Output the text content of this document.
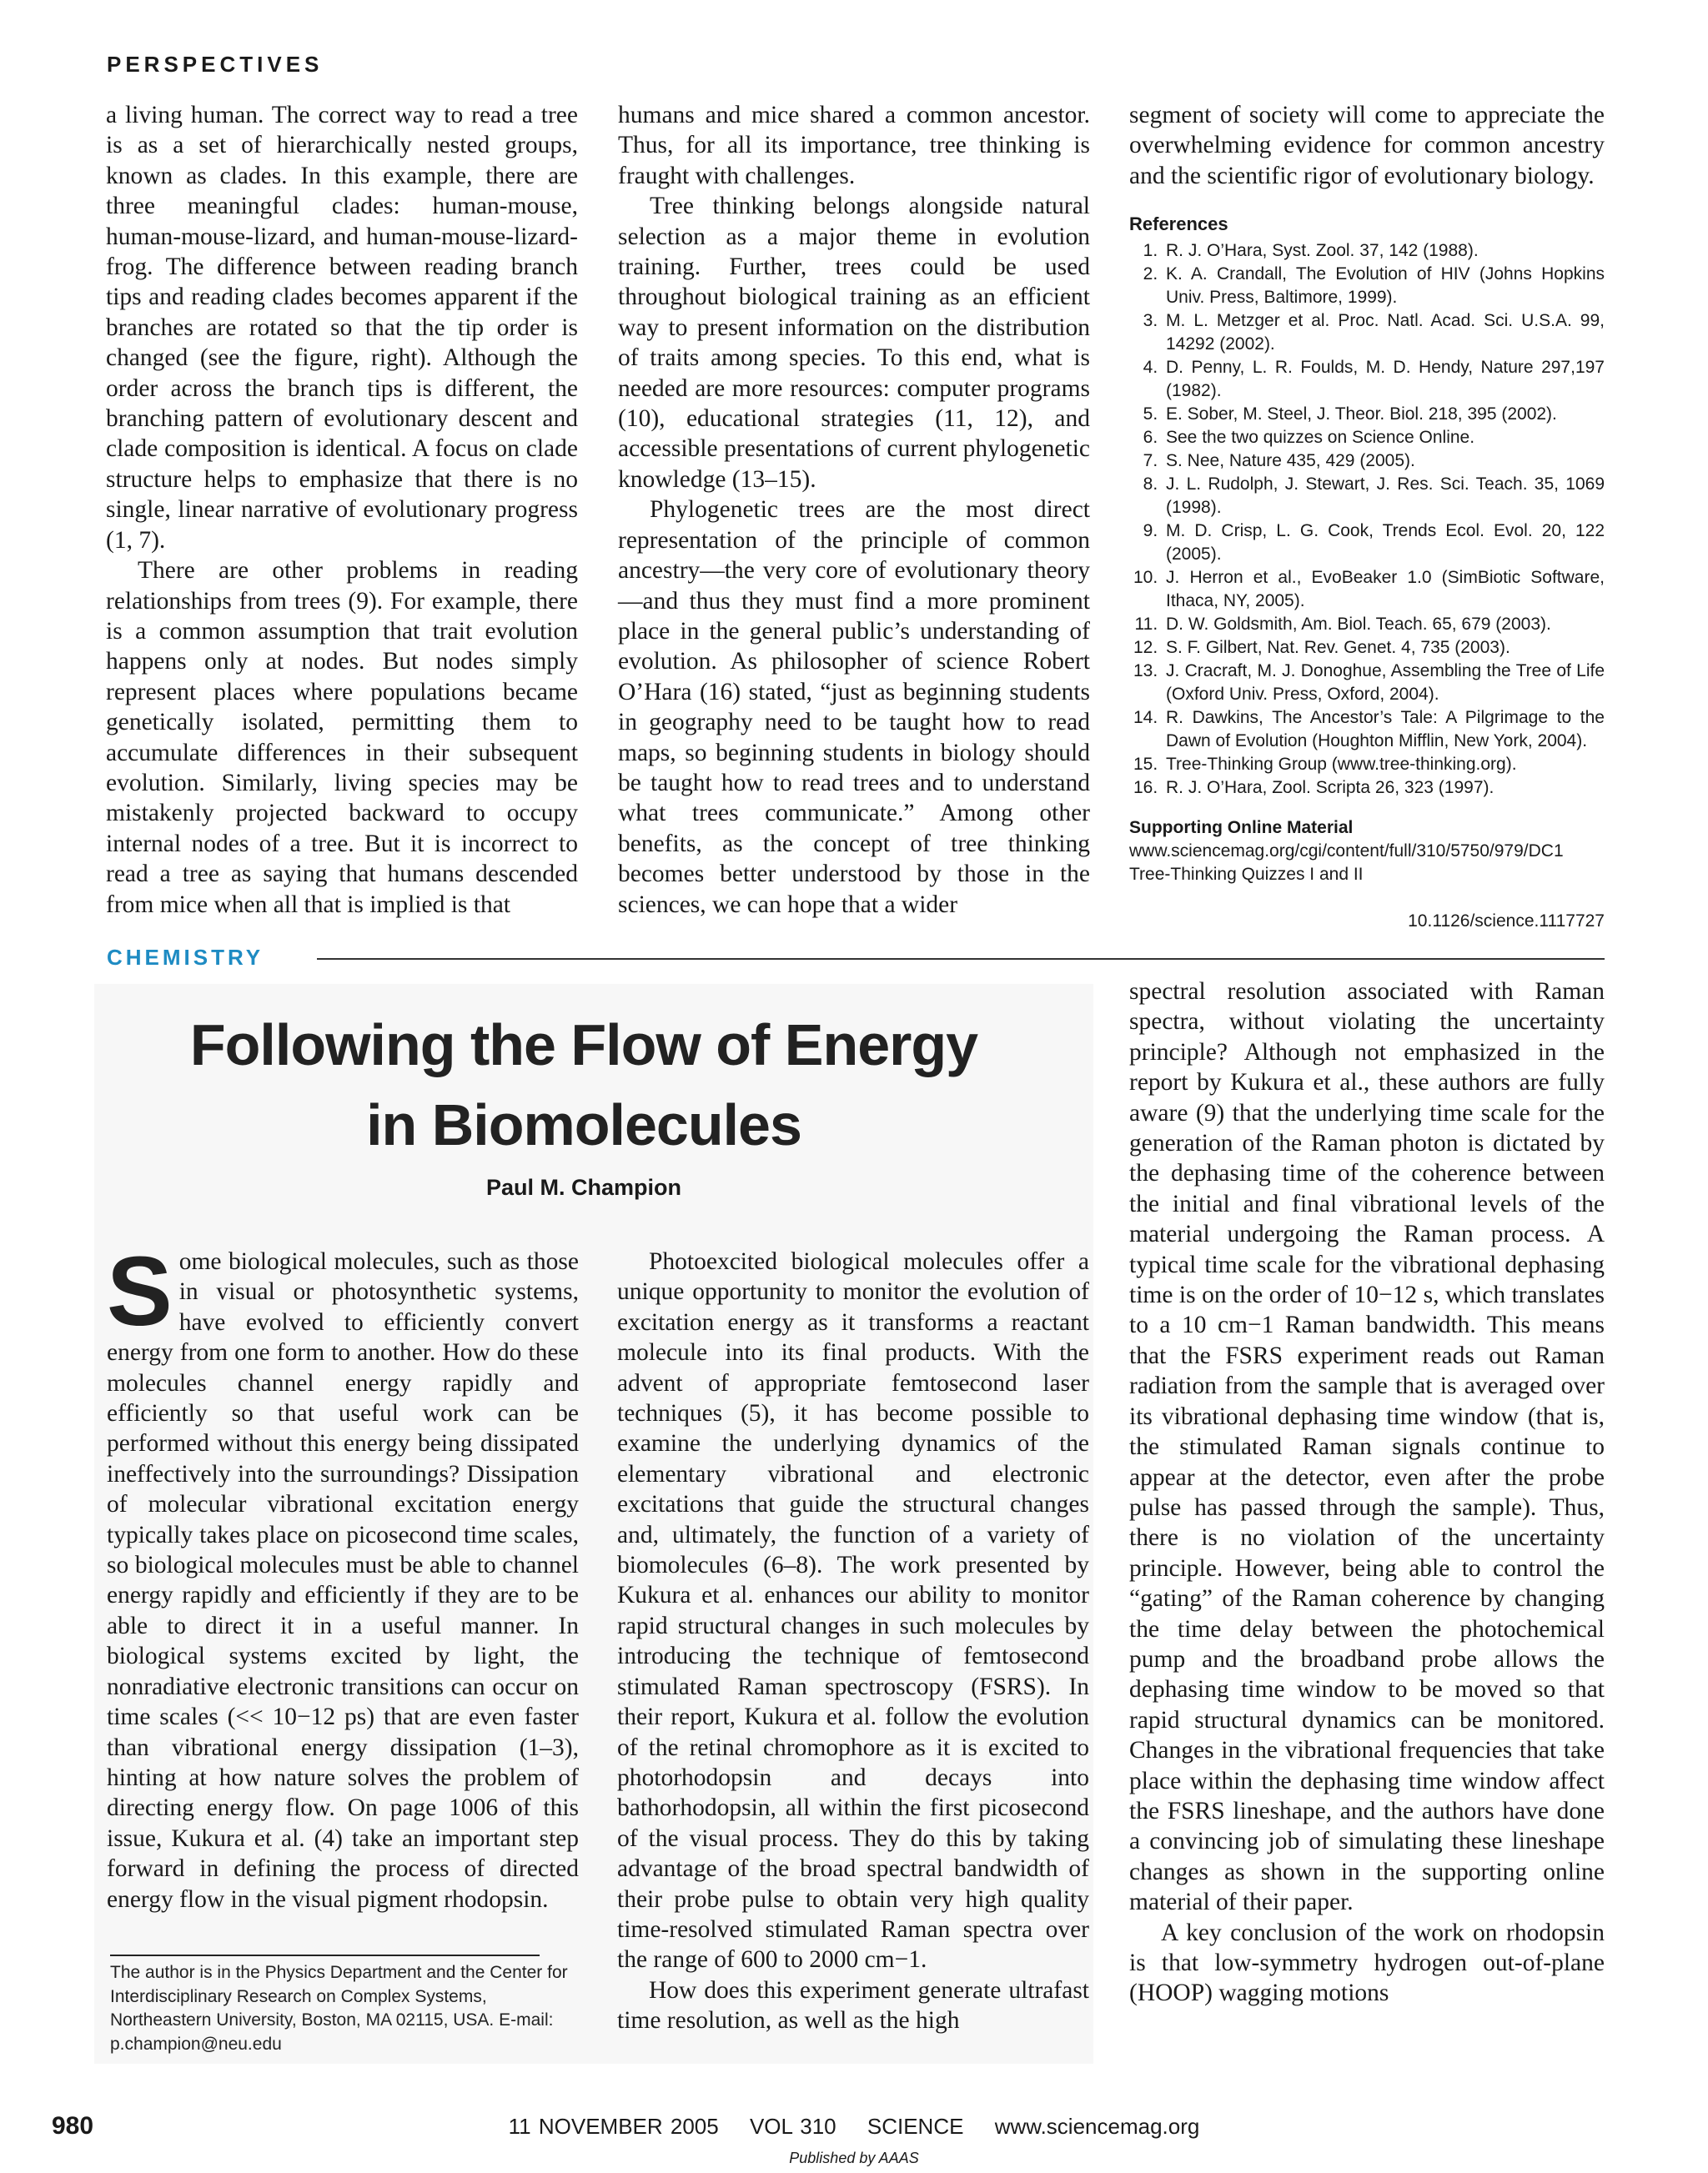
PERSPECTIVES

a living human. The correct way to read a tree is as a set of hierarchically nested groups, known as clades. In this example, there are three meaningful clades: human-mouse, human-mouse-lizard, and human-mouse-lizard-frog. The difference between reading branch tips and reading clades becomes apparent if the branches are rotated so that the tip order is changed (see the figure, right). Although the order across the branch tips is different, the branching pattern of evolutionary descent and clade composition is identical. A focus on clade structure helps to emphasize that there is no single, linear narrative of evolutionary progress (1, 7).

There are other problems in reading relationships from trees (9). For example, there is a common assumption that trait evolution happens only at nodes. But nodes simply represent places where populations became genetically isolated, permitting them to accumulate differences in their subsequent evolution. Similarly, living species may be mistakenly projected backward to occupy internal nodes of a tree. But it is incorrect to read a tree as saying that humans descended from mice when all that is implied is that

humans and mice shared a common ancestor. Thus, for all its importance, tree thinking is fraught with challenges.

Tree thinking belongs alongside natural selection as a major theme in evolution training. Further, trees could be used throughout biological training as an efficient way to present information on the distribution of traits among species. To this end, what is needed are more resources: computer programs (10), educational strategies (11, 12), and accessible presentations of current phylogenetic knowledge (13–15).

Phylogenetic trees are the most direct representation of the principle of common ancestry—the very core of evolutionary theory—and thus they must find a more prominent place in the general public’s understanding of evolution. As philosopher of science Robert O’Hara (16) stated, “just as beginning students in geography need to be taught how to read maps, so beginning students in biology should be taught how to read trees and to understand what trees communicate.” Among other benefits, as the concept of tree thinking becomes better understood by those in the sciences, we can hope that a wider

segment of society will come to appreciate the overwhelming evidence for common ancestry and the scientific rigor of evolutionary biology.

References
1. R. J. O’Hara, Syst. Zool. 37, 142 (1988).
2. K. A. Crandall, The Evolution of HIV (Johns Hopkins Univ. Press, Baltimore, 1999).
3. M. L. Metzger et al. Proc. Natl. Acad. Sci. U.S.A. 99, 14292 (2002).
4. D. Penny, L. R. Foulds, M. D. Hendy, Nature 297,197 (1982).
5. E. Sober, M. Steel, J. Theor. Biol. 218, 395 (2002).
6. See the two quizzes on Science Online.
7. S. Nee, Nature 435, 429 (2005).
8. J. L. Rudolph, J. Stewart, J. Res. Sci. Teach. 35, 1069 (1998).
9. M. D. Crisp, L. G. Cook, Trends Ecol. Evol. 20, 122 (2005).
10. J. Herron et al., EvoBeaker 1.0 (SimBiotic Software, Ithaca, NY, 2005).
11. D. W. Goldsmith, Am. Biol. Teach. 65, 679 (2003).
12. S. F. Gilbert, Nat. Rev. Genet. 4, 735 (2003).
13. J. Cracraft, M. J. Donoghue, Assembling the Tree of Life (Oxford Univ. Press, Oxford, 2004).
14. R. Dawkins, The Ancestor’s Tale: A Pilgrimage to the Dawn of Evolution (Houghton Mifflin, New York, 2004).
15. Tree-Thinking Group (www.tree-thinking.org).
16. R. J. O’Hara, Zool. Scripta 26, 323 (1997).
Supporting Online Material
www.sciencemag.org/cgi/content/full/310/5750/979/DC1
Tree-Thinking Quizzes I and II
10.1126/science.1117727
CHEMISTRY
Following the Flow of Energy
in Biomolecules
Paul M. Champion

S ome biological molecules, such as those in visual or photosynthetic systems, have evolved to efficiently convert energy from one form to another. How do these molecules channel energy rapidly and efficiently so that useful work can be performed without this energy being dissipated ineffectively into the surroundings? Dissipation of molecular vibrational excitation energy typically takes place on picosecond time scales, so biological molecules must be able to channel energy rapidly and efficiently if they are to be able to direct it in a useful manner. In biological systems excited by light, the nonradiative electronic transitions can occur on time scales (<< 10−12 ps) that are even faster than vibrational energy dissipation (1–3), hinting at how nature solves the problem of directing energy flow. On page 1006 of this issue, Kukura et al. (4) take an important step forward in defining the process of directed energy flow in the visual pigment rhodopsin.

Photoexcited biological molecules offer a unique opportunity to monitor the evolution of excitation energy as it transforms a reactant molecule into its final products. With the advent of appropriate femtosecond laser techniques (5), it has become possible to examine the underlying dynamics of the elementary vibrational and electronic excitations that guide the structural changes and, ultimately, the function of a variety of biomolecules (6–8). The work presented by Kukura et al. enhances our ability to monitor rapid structural changes in such molecules by introducing the technique of femtosecond stimulated Raman spectroscopy (FSRS). In their report, Kukura et al. follow the evolution of the retinal chromophore as it is excited to photorhodopsin and decays into bathorhodopsin, all within the first picosecond of the visual process. They do this by taking advantage of the broad spectral bandwidth of their probe pulse to obtain very high quality time-resolved stimulated Raman spectra over the range of 600 to 2000 cm−1.

How does this experiment generate ultrafast time resolution, as well as the high

spectral resolution associated with Raman spectra, without violating the uncertainty principle? Although not emphasized in the report by Kukura et al., these authors are fully aware (9) that the underlying time scale for the generation of the Raman photon is dictated by the dephasing time of the coherence between the initial and final vibrational levels of the material undergoing the Raman process. A typical time scale for the vibrational dephasing time is on the order of 10−12 s, which translates to a 10 cm−1 Raman bandwidth. This means that the FSRS experiment reads out Raman radiation from the sample that is averaged over its vibrational dephasing time window (that is, the stimulated Raman signals continue to appear at the detector, even after the probe pulse has passed through the sample). Thus, there is no violation of the uncertainty principle. However, being able to control the “gating” of the Raman coherence by changing the time delay between the photochemical pump and the broadband probe allows the dephasing time window to be moved so that rapid structural dynamics can be monitored. Changes in the vibrational frequencies that take place within the dephasing time window affect the FSRS lineshape, and the authors have done a convincing job of simulating these lineshape changes as shown in the supporting online material of their paper.

A key conclusion of the work on rhodopsin is that low-symmetry hydrogen out-of-plane (HOOP) wagging motions

The author is in the Physics Department and the Center for Interdisciplinary Research on Complex Systems, Northeastern University, Boston, MA 02115, USA. E-mail: p.champion@neu.edu
980	11 NOVEMBER 2005 VOL 310 SCIENCE www.sciencemag.org
Published by AAAS
